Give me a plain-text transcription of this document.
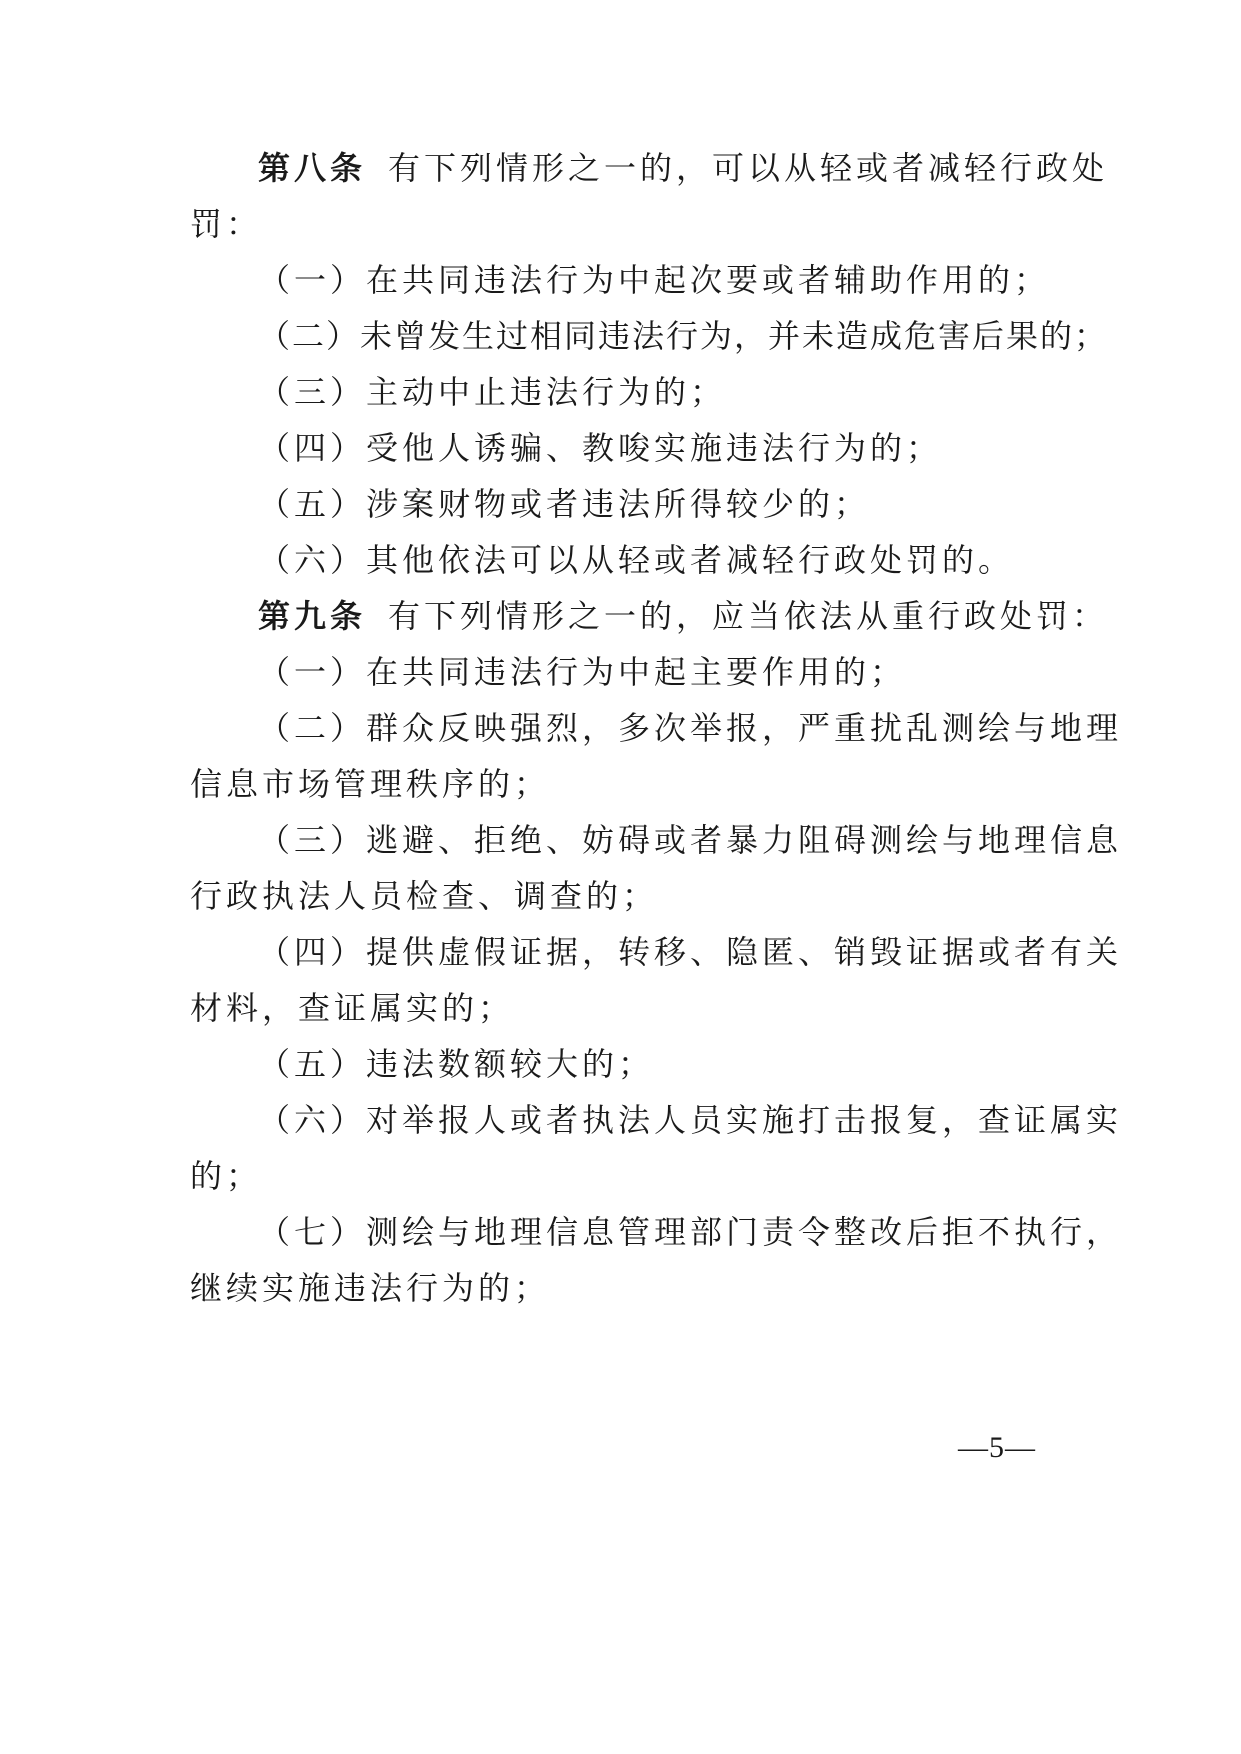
第八条 有下列情形之一的，可以从轻或者减轻行政处
罚：
（一）在共同违法行为中起次要或者辅助作用的；
（二）未曾发生过相同违法行为，并未造成危害后果的；
（三）主动中止违法行为的；
（四）受他人诱骗、教唆实施违法行为的；
（五）涉案财物或者违法所得较少的；
（六）其他依法可以从轻或者减轻行政处罚的。
第九条 有下列情形之一的，应当依法从重行政处罚：
（一）在共同违法行为中起主要作用的；
（二）群众反映强烈，多次举报，严重扰乱测绘与地理
信息市场管理秩序的；
（三）逃避、拒绝、妨碍或者暴力阻碍测绘与地理信息
行政执法人员检查、调查的；
（四）提供虚假证据，转移、隐匿、销毁证据或者有关
材料，查证属实的；
（五）违法数额较大的；
（六）对举报人或者执法人员实施打击报复，查证属实
的；
（七）测绘与地理信息管理部门责令整改后拒不执行，
继续实施违法行为的；
—5—
